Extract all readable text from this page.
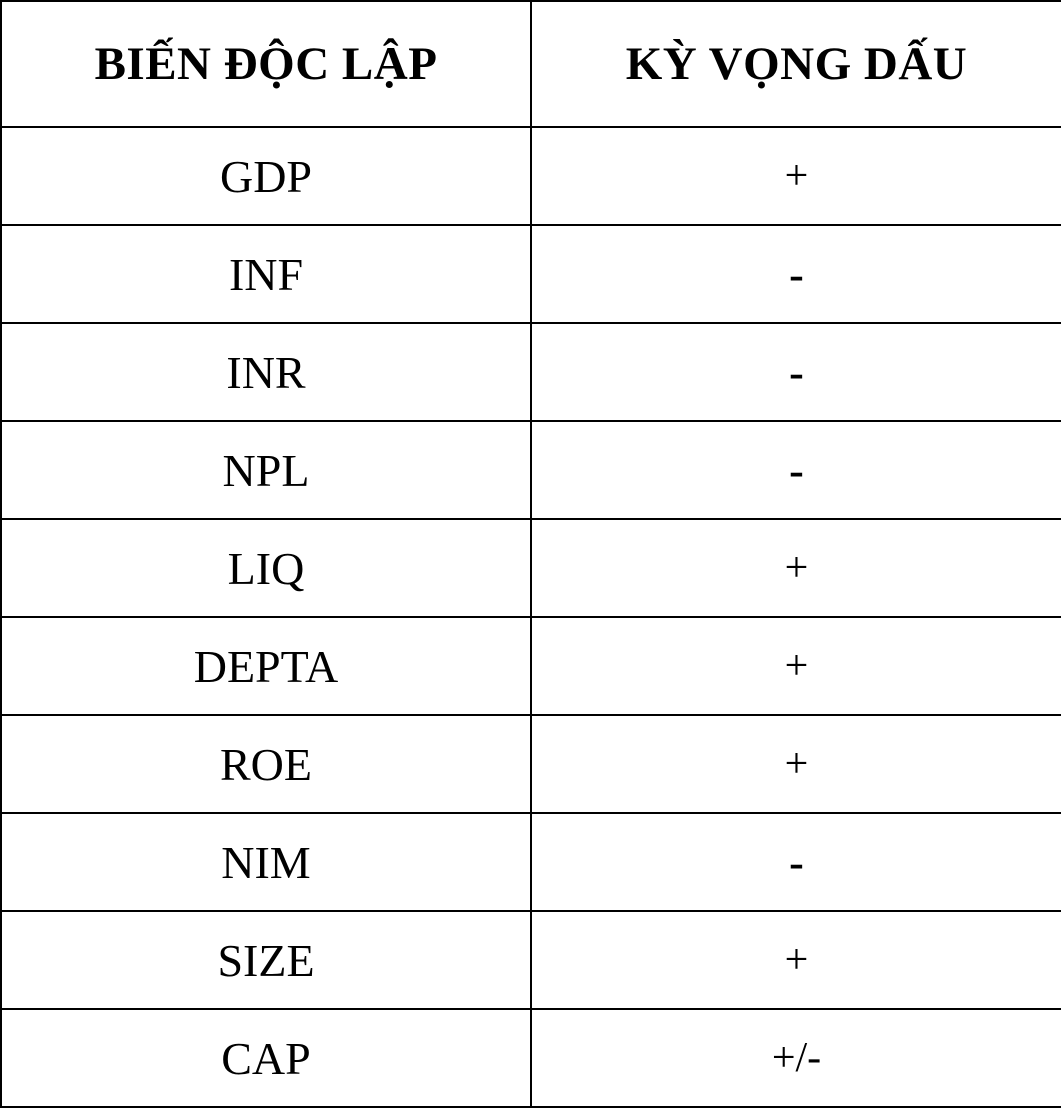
BIẾN ĐỘC LẬP	KỲ VỌNG DẤU
GDP	+
INF	-
INR	-
NPL	-
LIQ	+
DEPTA	+
ROE	+
NIM	-
SIZE	+
CAP	+/-
